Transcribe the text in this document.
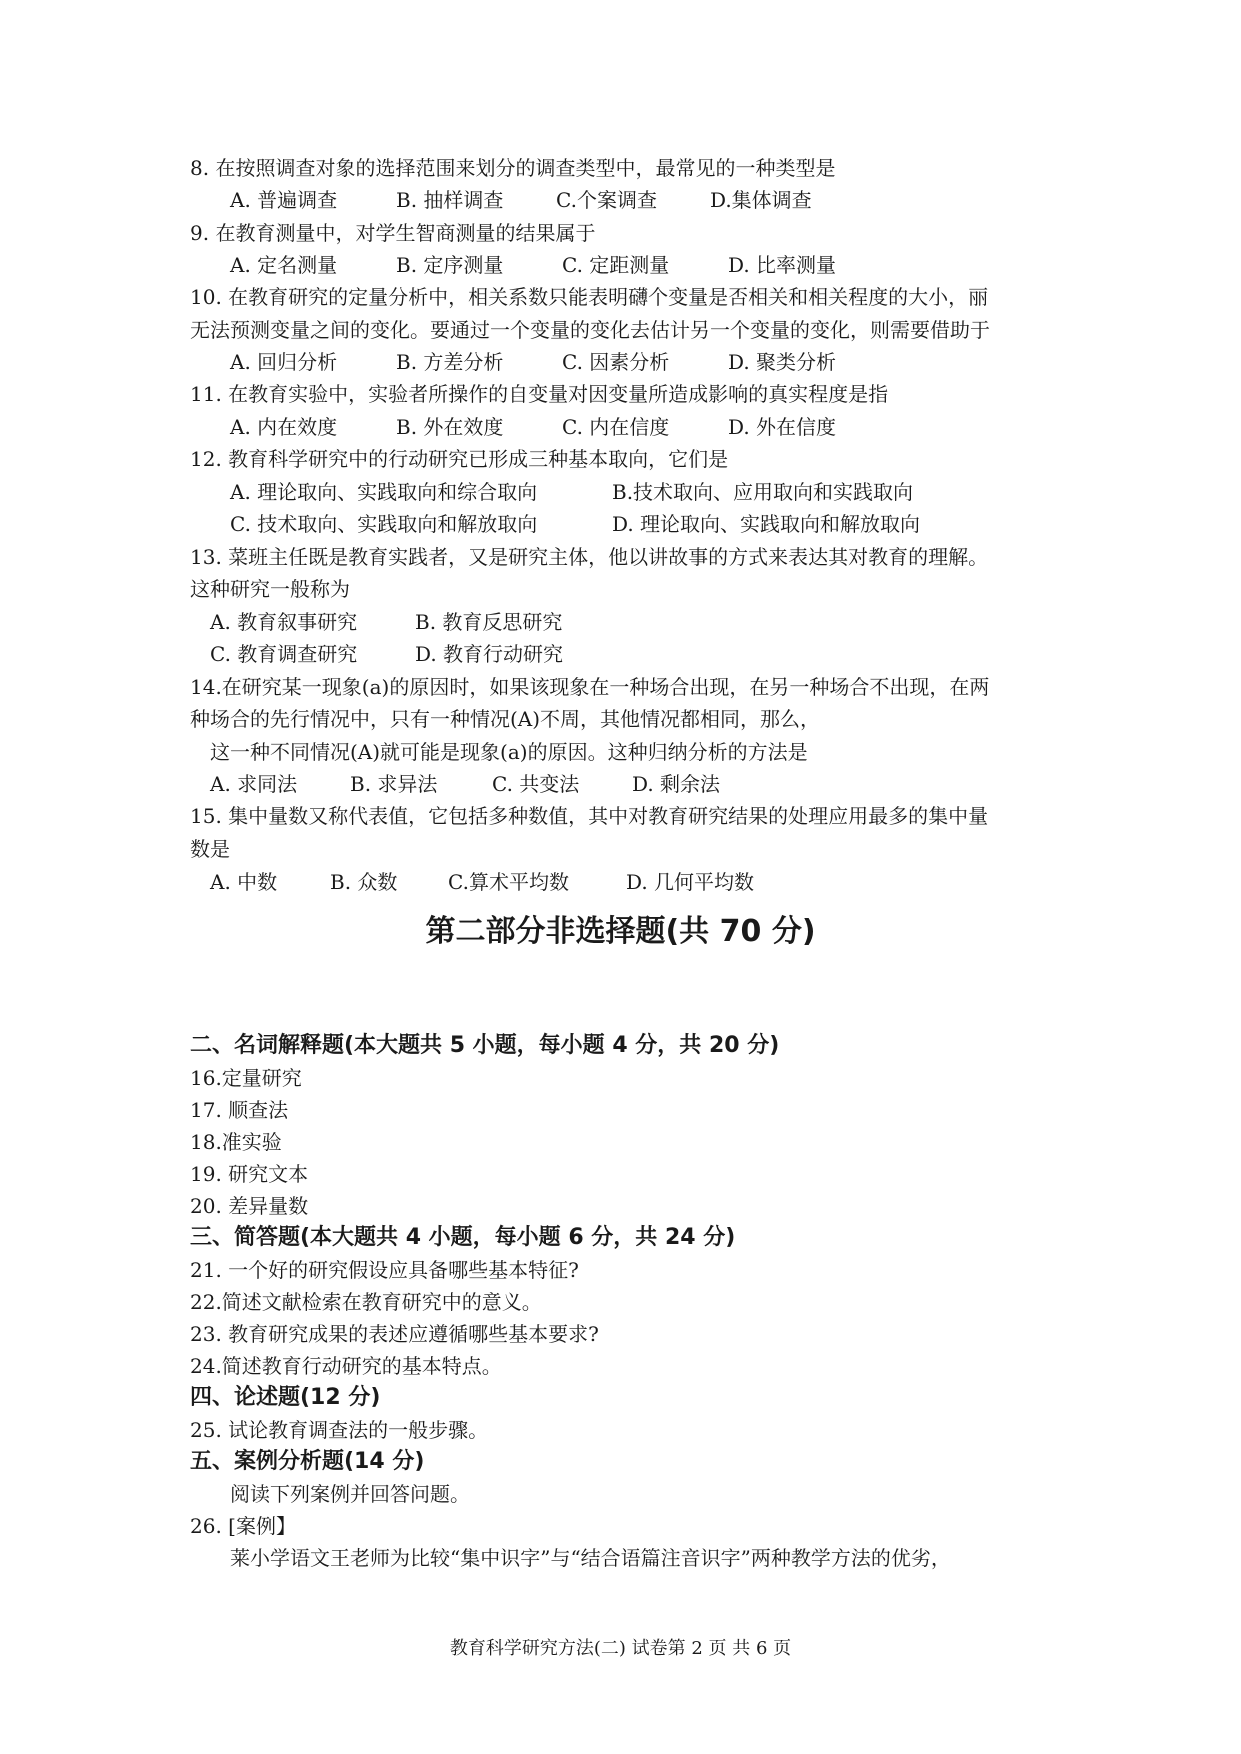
8. 在按照调查对象的选择范围来划分的调查类型中，最常见的一种类型是
A. 普遍调查	B. 抽样调查	C.个案调查	D.集体调查
9. 在教育测量中，对学生智商测量的结果属于
A. 定名测量	B. 定序测量	C. 定距测量	D. 比率测量
10. 在教育研究的定量分析中，相关系数只能表明礴个变量是否相关和相关程度的大小，丽
无法预测变量之间的变化。要通过一个变量的变化去估计另一个变量的变化，则需要借助于
A. 回归分析	B. 方差分析	C. 因素分析	D. 聚类分析
11. 在教育实验中，实验者所操作的自变量对因变量所造成影响的真实程度是指
A. 内在效度	B. 外在效度	C. 内在信度	D. 外在信度
12. 教育科学研究中的行动研究已形成三种基本取向，它们是
A. 理论取向、实践取向和综合取向	B.技术取向、应用取向和实践取向
C. 技术取向、实践取向和解放取向	D. 理论取向、实践取向和解放取向
13. 菜班主任既是教育实践者，又是研究主体，他以讲故事的方式来表达其对教育的理解。
这种研究一般称为
A. 教育叙事研究	B. 教育反思研究
C. 教育调查研究	D. 教育行动研究
14.在研究某一现象(a)的原因时，如果该现象在一种场合出现，在另一种场合不出现，在两
种场合的先行情况中，只有一种情况(A)不周，其他情况都相同，那么，
这一种不同情况(A)就可能是现象(a)的原因。这种归纳分析的方法是
A. 求同法	B. 求异法	C. 共变法	D. 剩余法
15. 集中量数又称代表值，它包括多种数值，其中对教育研究结果的处理应用最多的集中量
数是
A. 中数	B. 众数	C.算术平均数	D. 几何平均数
第二部分非选择题(共 70 分)
二、名词解释题(本大题共 5 小题，每小题 4 分，共 20 分)
16.定量研究
17. 顺查法
18.准实验
19. 研究文本
20. 差异量数
三、简答题(本大题共 4 小题，每小题 6 分，共 24 分)
21. 一个好的研究假设应具备哪些基本特征?
22.简述文献检索在教育研究中的意义。
23. 教育研究成果的表述应遵循哪些基本要求?
24.简述教育行动研究的基本特点。
四、论述题(12 分)
25. 试论教育调查法的一般步骤。
五、案例分析题(14 分)
阅读下列案例并回答问题。
26. [案例】
莱小学语文王老师为比较“集中识字”与“结合语篇注音识字”两种教学方法的优劣，
教育科学研究方法(二) 试卷第 2 页 共 6 页
